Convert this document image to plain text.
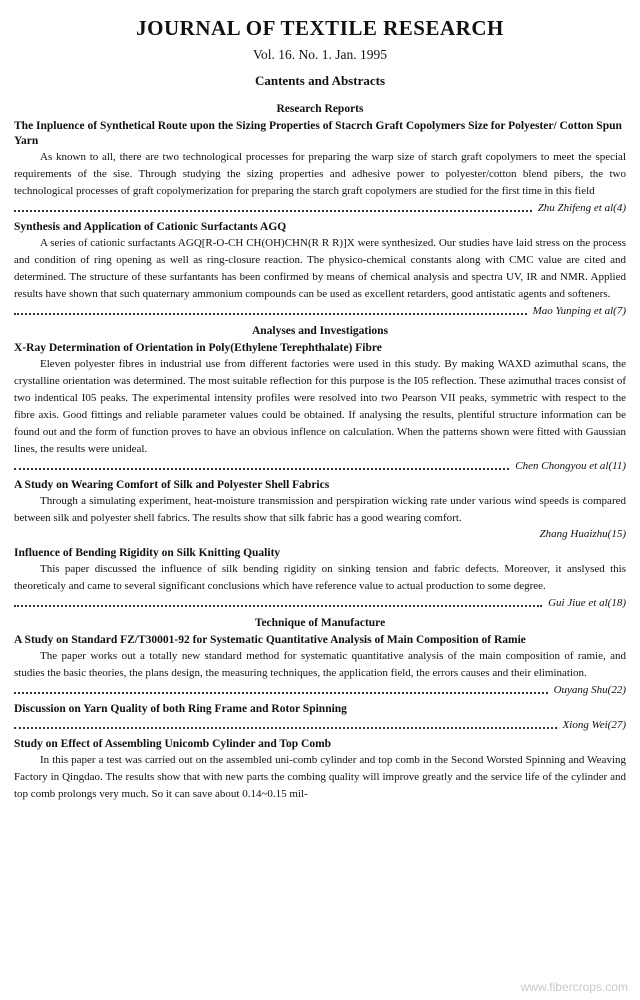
JOURNAL OF TEXTILE RESEARCH
Vol. 16. No. 1. Jan. 1995
Cantents and Abstracts
Research Reports
The Inpluence of Synthetical Route upon the Sizing Properties of Stacrch Graft Copolymers Size for Polyester/ Cotton Spun Yarn
As known to all, there are two technological processes for preparing the warp size of starch graft copolymers to meet the special requirements of the sise. Through studying the sizing properties and adhesive power to polyester/cotton blend pibers, the two technological processes of graft copolymerization for preparing the starch graft copolymers are studied for the first time in this field
Zhu Zhifeng et al(4)
Synthesis and Application of Cationic Surfactants AGQ
A series of cationic surfactants AGQ[R-O-CH CH(OH)CHN(R R R)]X were synthesized. Our studies have laid stress on the process and condition of ring opening as well as ring-closure reaction. The physico-chemical constants along with CMC value are cited and determined. The structure of these surfantants has been confirmed by means of chemical analysis and spectra UV, IR and NMR. Applied results have shown that such quaternary ammonium compounds can be used as excellent retarders, good antistatic agents and softeners.
Mao Yunping et al(7)
Analyses and Investigations
X-Ray Determination of Orientation in Poly(Ethylene Terephthalate) Fibre
Eleven polyester fibres in industrial use from different factories were used in this study. By making WAXD azimuthal scans, the crystalline orientation was determined. The most suitable reflection for this purpose is the I05 reflection. These azimuthal traces consist of two indentical I05 peaks. The experimental intensity profiles were resolved into two Pearson VII peaks, symmetric with respect to the fibre axis. Good fittings and reliable parameter values could be obtained. If analysing the results, plentiful structure information can be found out and the form of function proves to have an obvious inflence on calculation. When the patterns shown were fitted with Gaussian lines, the results were unideal.
Chen Chongyou et al(11)
A Study on Wearing Comfort of Silk and Polyester Shell Fabrics
Through a simulating experiment, heat-moisture transmission and perspiration wicking rate under various wind speeds is compared between silk and polyester shell fabrics. The results show that silk fabric has a good wearing comfort.
Zhang Huaizhu(15)
Influence of Bending Rigidity on Silk Knitting Quality
This paper discussed the influence of silk bending rigidity on sinking tension and fabric defects. Moreover, it anslysed this theoreticaly and came to several significant conclusions which have reference value to actual production to some degree.
Gui Jiue et al(18)
Technique of Manufacture
A Study on Standard FZ/T30001-92 for Systematic Quantitative Analysis of Main Composition of Ramie
The paper works out a totally new standard method for systematic quantitative analysis of the main composition of ramie, and studies the basic theories, the plans design, the measuring techniques, the application field, the errors causes and their elimination.
Ouyang Shu(22)
Discussion on Yarn Quality of both Ring Frame and Rotor Spinning
Xiong Wei(27)
Study on Effect of Assembling Unicomb Cylinder and Top Comb
In this paper a test was carried out on the assembled uni-comb cylinder and top comb in the Second Worsted Spinning and Weaving Factory in Qingdao. The results show that with new parts the combing quality will improve greatly and the service life of the cylinder and top comb prolongs very much. So it can save about 0.14~0.15 mil-
www.fibercrops.com
